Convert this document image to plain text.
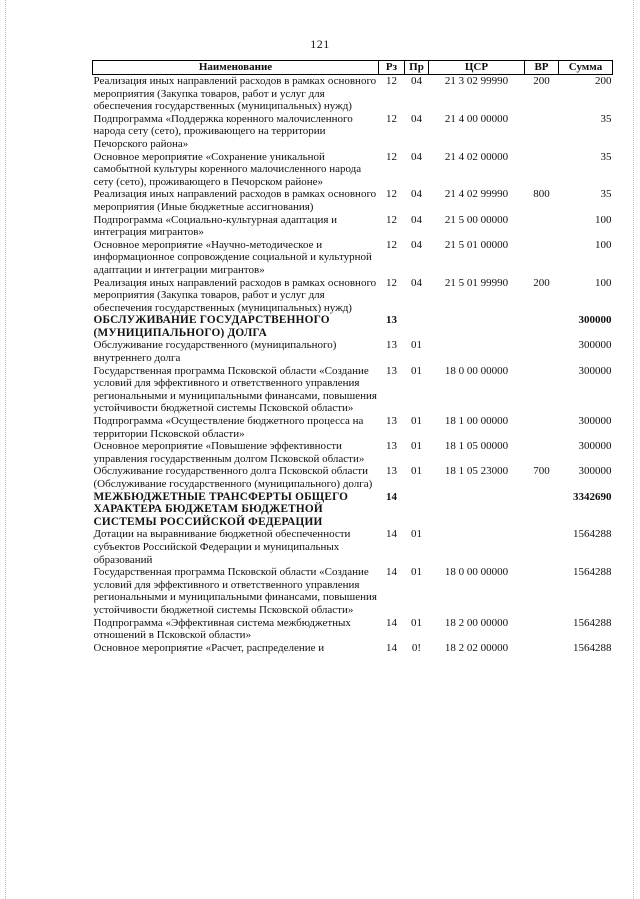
121
Наименование	Рз	Пр	ЦСР	ВР	Сумма
Реализация иных направлений расходов в рамках основного мероприятия (Закупка товаров, работ и услуг для обеспечения государственных (муниципальных) нужд)	12	04	21 3 02 99990	200	200
Подпрограмма «Поддержка коренного малочисленного народа сету (сето), проживающего на территории Печорского района»	12	04	21 4 00 00000		35
Основное мероприятие «Сохранение уникальной самобытной культуры коренного малочисленного народа сету (сето), проживающего в Печорском районе»	12	04	21 4 02 00000		35
Реализация иных направлений расходов в рамках основного мероприятия (Иные бюджетные ассигнования)	12	04	21 4 02 99990	800	35
Подпрограмма «Социально-культурная адаптация и интеграция мигрантов»	12	04	21 5 00 00000		100
Основное мероприятие «Научно-методическое и информационное сопровождение социальной и культурной адаптации и интеграции мигрантов»	12	04	21 5 01 00000		100
Реализация иных направлений расходов в рамках основного мероприятия (Закупка товаров, работ и услуг для обеспечения государственных (муниципальных) нужд)	12	04	21 5 01 99990	200	100
ОБСЛУЖИВАНИЕ ГОСУДАРСТВЕННОГО (МУНИЦИПАЛЬНОГО) ДОЛГА	13				300000
Обслуживание государственного (муниципального) внутреннего долга	13	01			300000
Государственная программа Псковской области «Создание условий для эффективного и ответственного управления региональными и муниципальными финансами, повышения устойчивости бюджетной системы Псковской области»	13	01	18 0 00 00000		300000
Подпрограмма «Осуществление бюджетного процесса на территории Псковской области»	13	01	18 1 00 00000		300000
Основное мероприятие «Повышение эффективности управления государственным долгом Псковской области»	13	01	18 1 05 00000		300000
Обслуживание государственного долга Псковской области (Обслуживание государственного (муниципального) долга)	13	01	18 1 05 23000	700	300000
МЕЖБЮДЖЕТНЫЕ ТРАНСФЕРТЫ ОБЩЕГО ХАРАКТЕРА БЮДЖЕТАМ БЮДЖЕТНОЙ СИСТЕМЫ РОССИЙСКОЙ ФЕДЕРАЦИИ	14				3342690
Дотации на выравнивание бюджетной обеспеченности субъектов Российской Федерации и муниципальных образований	14	01			1564288
Государственная программа Псковской области «Создание условий для эффективного и ответственного управления региональными и муниципальными финансами, повышения устойчивости бюджетной системы Псковской области»	14	01	18 0 00 00000		1564288
Подпрограмма «Эффективная система межбюджетных отношений в Псковской области»	14	01	18 2 00 00000		1564288
Основное мероприятие «Расчет, распределение и	14	0!	18 2 02 00000		1564288
